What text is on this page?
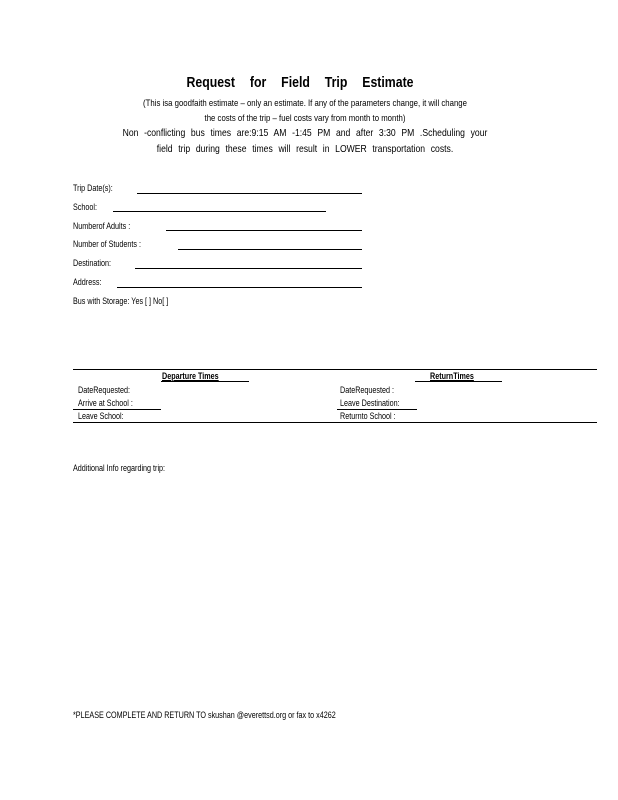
Request for Field Trip Estimate
(This isa goodfaith estimate – only an estimate. If any of the parameters change, it will change
the costs of the trip – fuel costs vary from month to month)
Non -conflicting bus times are:9:15 AM -1:45 PM and after 3:30 PM .Scheduling your
field trip during these times will result in LOWER transportation costs.
Trip Date(s):
School:
Numberof Adults :
Number of Students :
Destination:
Address:
Bus with Storage: Yes [ ] No[ ]
Departure Times	ReturnTimes
DateRequested:
Arrive at School :
Leave School:
DateRequested :
Leave Destination:
Returnto School :
Additional Info regarding trip:
*PLEASE COMPLETE AND RETURN TO skushan @everettsd.org or fax to x4262
